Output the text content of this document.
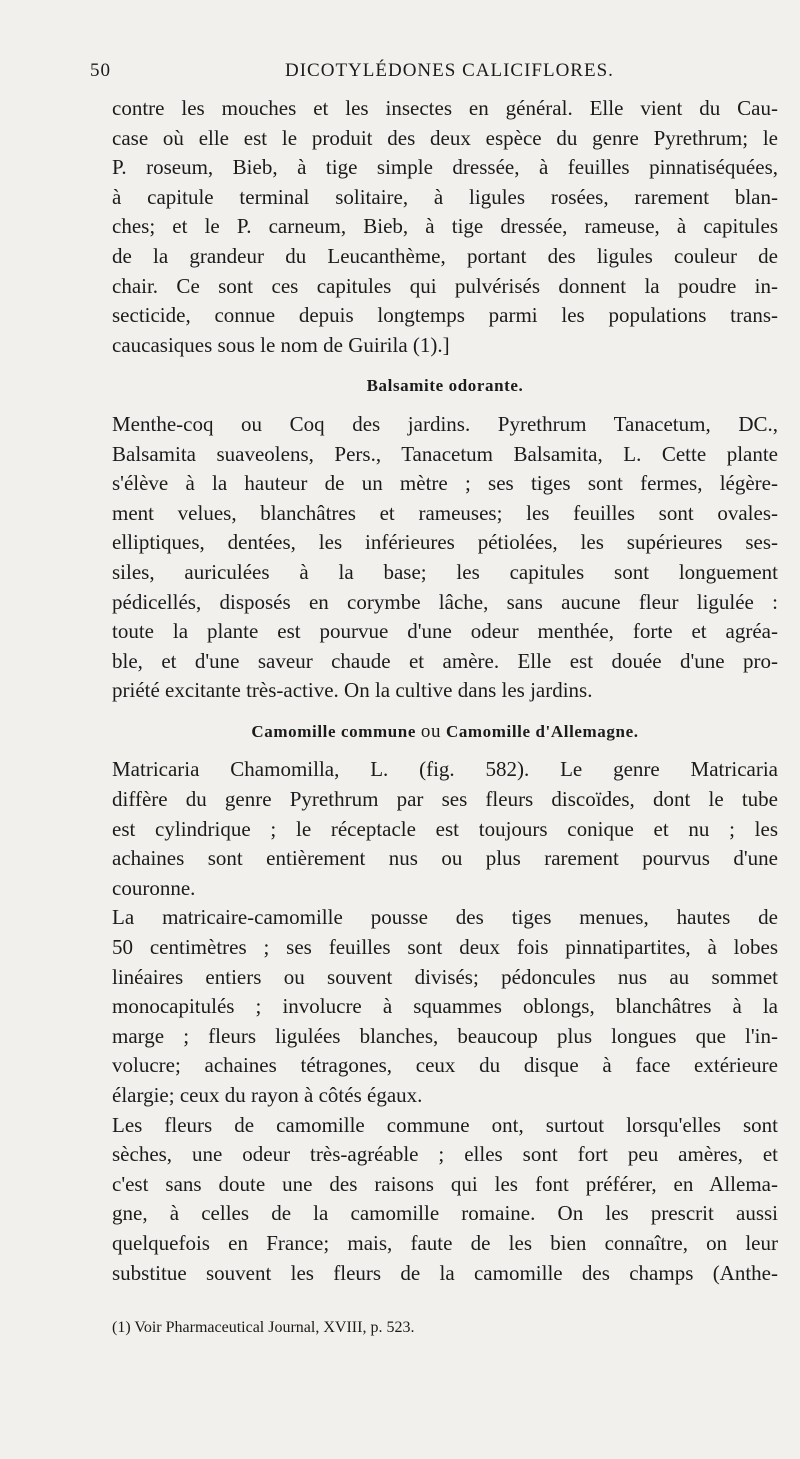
50	DICOTYLÉDONES CALICIFLORES.
contre les mouches et les insectes en général. Elle vient du Cau-
case où elle est le produit des deux espèce du genre Pyrethrum; le
P. roseum, Bieb, à tige simple dressée, à feuilles pinnatiséquées,
à capitule terminal solitaire, à ligules rosées, rarement blan-
ches; et le P. carneum, Bieb, à tige dressée, rameuse, à capitules
de la grandeur du Leucanthème, portant des ligules couleur de
chair. Ce sont ces capitules qui pulvérisés donnent la poudre in-
secticide, connue depuis longtemps parmi les populations trans-
caucasiques sous le nom de Guirila (1).]
Balsamite odorante.
Menthe-coq ou Coq des jardins. Pyrethrum Tanacetum, DC.,
Balsamita suaveolens, Pers., Tanacetum Balsamita, L. Cette plante
s'élève à la hauteur de un mètre ; ses tiges sont fermes, légère-
ment velues, blanchâtres et rameuses; les feuilles sont ovales-
elliptiques, dentées, les inférieures pétiolées, les supérieures ses-
siles, auriculées à la base; les capitules sont longuement
pédicellés, disposés en corymbe lâche, sans aucune fleur ligulée :
toute la plante est pourvue d'une odeur menthée, forte et agréa-
ble, et d'une saveur chaude et amère. Elle est douée d'une pro-
priété excitante très-active. On la cultive dans les jardins.
Camomille commune ou Camomille d'Allemagne.
Matricaria Chamomilla, L. (fig. 582). Le genre Matricaria
diffère du genre Pyrethrum par ses fleurs discoïdes, dont le tube
est cylindrique ; le réceptacle est toujours conique et nu ; les
achaines sont entièrement nus ou plus rarement pourvus d'une
couronne.
La matricaire-camomille pousse des tiges menues, hautes de
50 centimètres ; ses feuilles sont deux fois pinnatipartites, à lobes
linéaires entiers ou souvent divisés; pédoncules nus au sommet
monocapitulés ; involucre à squammes oblongs, blanchâtres à la
marge ; fleurs ligulées blanches, beaucoup plus longues que l'in-
volucre; achaines tétragones, ceux du disque à face extérieure
élargie; ceux du rayon à côtés égaux.
Les fleurs de camomille commune ont, surtout lorsqu'elles sont
sèches, une odeur très-agréable ; elles sont fort peu amères, et
c'est sans doute une des raisons qui les font préférer, en Allema-
gne, à celles de la camomille romaine. On les prescrit aussi
quelquefois en France; mais, faute de les bien connaître, on leur
substitue souvent les fleurs de la camomille des champs (Anthe-
(1) Voir Pharmaceutical Journal, XVIII, p. 523.
